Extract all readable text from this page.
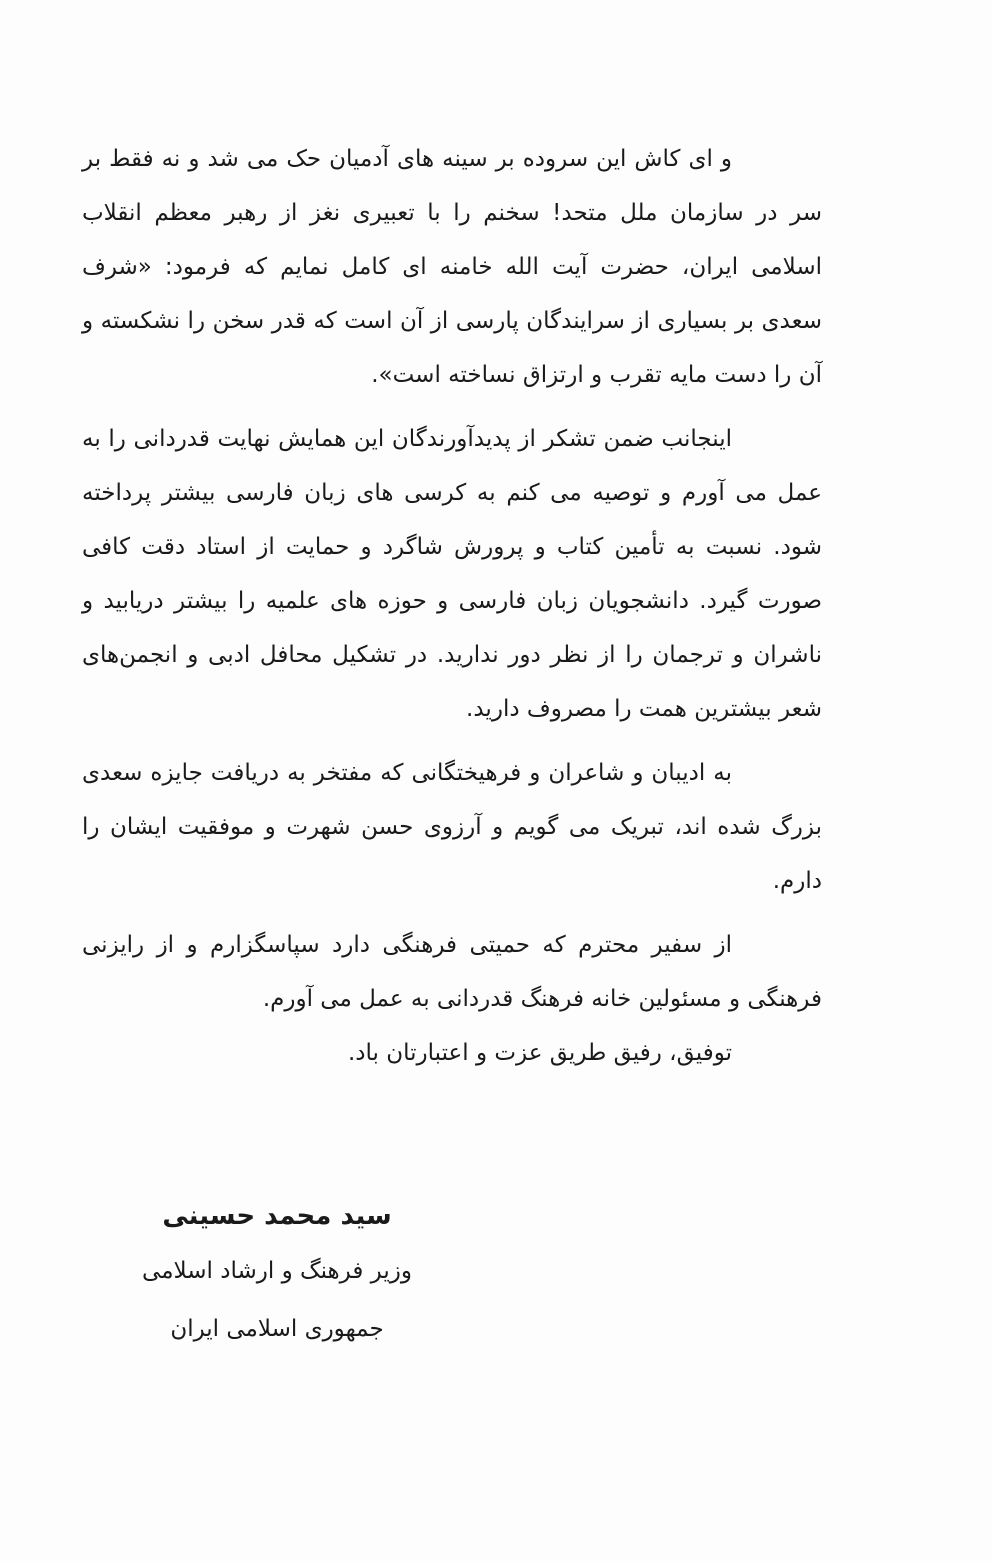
و ای کاش این سروده بر سینه های آدمیان حک می شد و نه فقط بر سر در سازمان ملل متحد! سخنم را با تعبیری نغز از رهبر معظم انقلاب اسلامی ایران، حضرت آیت الله خامنه ای کامل نمایم که فرمود: «شرف سعدی بر بسیاری از سرایندگان پارسی از آن است که قدر سخن را نشکسته و آن را دست مایه تقرب و ارتزاق نساخته است».

اینجانب ضمن تشکر از پدیدآورندگان این همایش نهایت قدردانی را به عمل می آورم و توصیه می کنم به کرسی های زبان فارسی بیشتر پرداخته شود. نسبت به تأمین کتاب و پرورش شاگرد و حمایت از استاد دقت کافی صورت گیرد. دانشجویان زبان فارسی و حوزه های علمیه را بیشتر دریابید و ناشران و ترجمان را از نظر دور ندارید. در تشکیل محافل ادبی و انجمن‌های شعر بیشترین همت را مصروف دارید.

به ادیبان و شاعران و فرهیختگانی که مفتخر به دریافت جایزه سعدی بزرگ شده اند، تبریک می گویم و آرزوی حسن شهرت و موفقیت ایشان را دارم.

از سفیر محترم که حمیتی فرهنگی دارد سپاسگزارم و از رایزنی فرهنگی و مسئولین خانه فرهنگ قدردانی به عمل می آورم.

توفیق، رفیق طریق عزت و اعتبارتان باد.

سید محمد حسینی

وزیر فرهنگ و ارشاد اسلامی

جمهوری اسلامی ایران
